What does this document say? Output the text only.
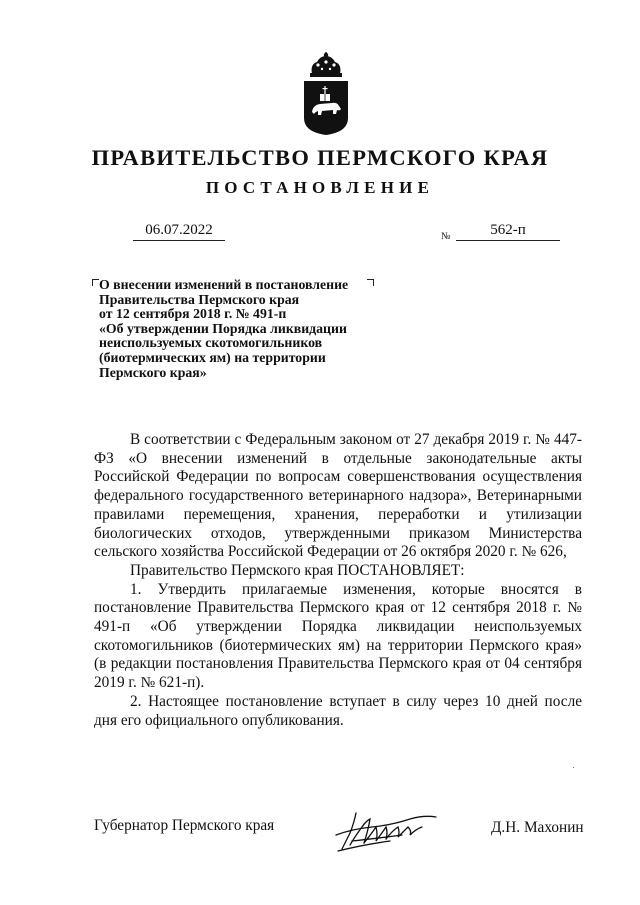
ПРАВИТЕЛЬСТВО ПЕРМСКОГО КРАЯ
ПОСТАНОВЛЕНИЕ
06.07.2022	№	562-п
О внесении изменений в постановление
Правительства Пермского края
от 12 сентября 2018 г. № 491-п
«Об утверждении Порядка ликвидации
неиспользуемых скотомогильников
(биотермических ям) на территории
Пермского края»

В соответствии с Федеральным законом от 27 декабря 2019 г. № 447-ФЗ «О внесении изменений в отдельные законодательные акты Российской Федерации по вопросам совершенствования осуществления федерального государственного ветеринарного надзора», Ветеринарными правилами перемещения, хранения, переработки и утилизации биологических отходов, утвержденными приказом Министерства сельского хозяйства Российской Федерации от 26 октября 2020 г. № 626,

Правительство Пермского края ПОСТАНОВЛЯЕТ:

1. Утвердить прилагаемые изменения, которые вносятся в постановление Правительства Пермского края от 12 сентября 2018 г. № 491-п «Об утверждении Порядка ликвидации неиспользуемых скотомогильников (биотермических ям) на территории Пермского края» (в редакции постановления Правительства Пермского края от 04 сентября 2019 г. № 621-п).

2. Настоящее постановление вступает в силу через 10 дней после дня его официального опубликования.

Губернатор Пермского края	Д.Н. Махонин
